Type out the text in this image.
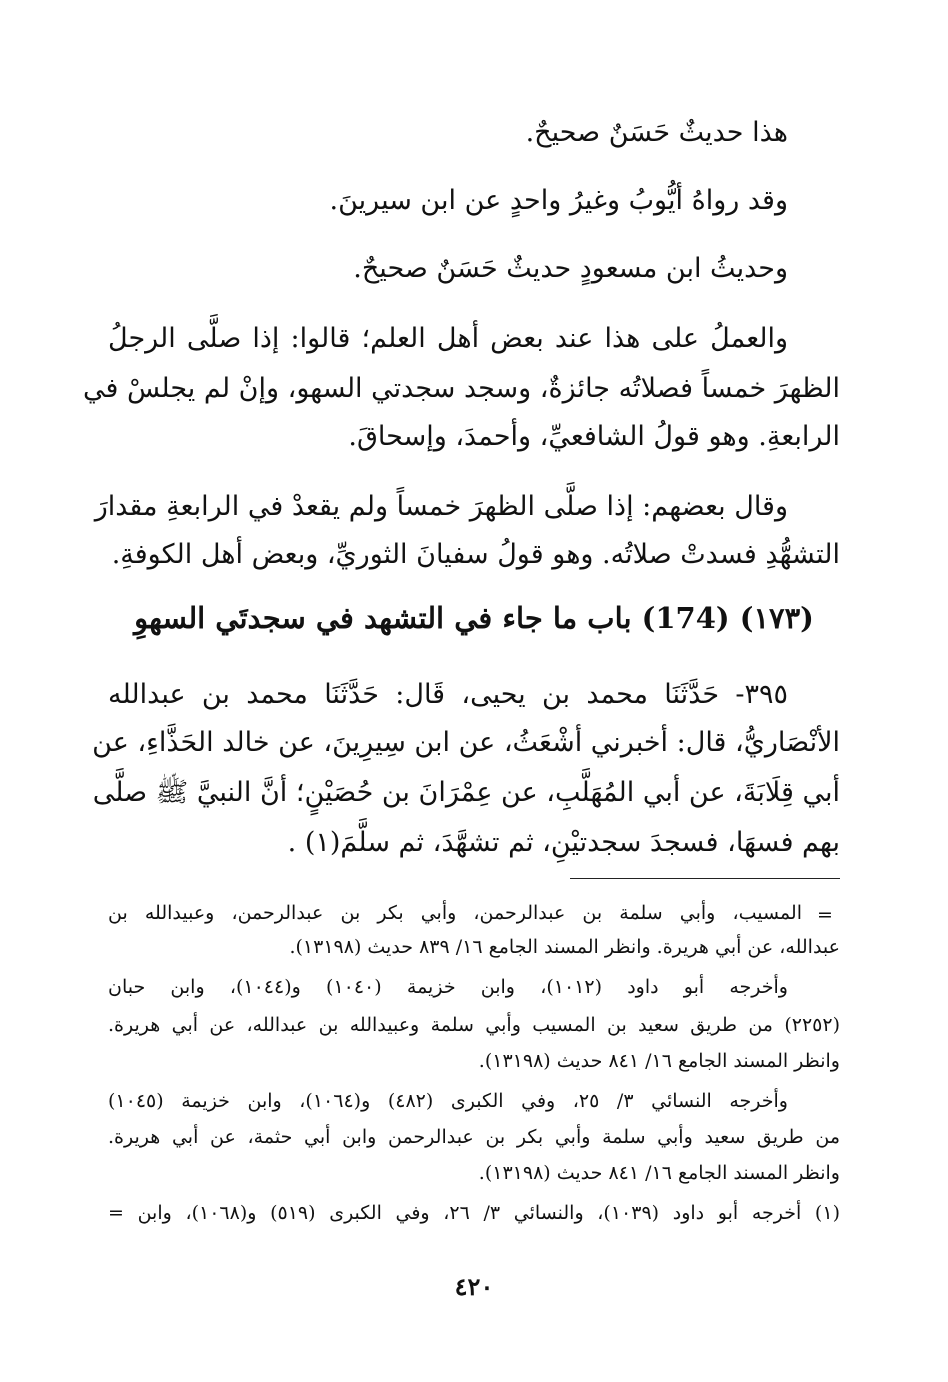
هذا حديثٌ حَسَنٌ صحيحٌ.
وقد رواهُ أيُّوبُ وغيرُ واحدٍ عن ابن سيرينَ.
وحديثُ ابن مسعودٍ حديثٌ حَسَنٌ صحيحٌ.
والعملُ على هذا عند بعض أهل العلم؛ قالوا: إذا صلَّى الرجلُ
الظهرَ خمساً فصلاتُه جائزةٌ، وسجد سجدتي السهو، وإنْ لم يجلسْ في
الرابعةِ. وهو قولُ الشافعيِّ، وأحمدَ، وإسحاقَ.
وقال بعضهم: إذا صلَّى الظهرَ خمساً ولم يقعدْ في الرابعةِ مقدارَ
التشهُّدِ فسدتْ صلاتُه. وهو قولُ سفيانَ الثوريِّ، وبعض أهل الكوفةِ.
(١٧٣) (174) باب ما جاء في التشهد في سجدتَي السهوِ
٣٩٥- حَدَّثَنَا محمد بن يحيى، قَال: حَدَّثَنَا محمد بن عبدالله
الأنْصَاريُّ، قال: أخبرني أشْعَثُ، عن ابن سِيرِينَ، عن خالد الحَذَّاءِ، عن
أبي قِلَابَةَ، عن أبي المُهَلَّبِ، عن عِمْرَانَ بن حُصَيْنٍ؛ أنَّ النبيَّ ﷺ صلَّى
بهم فسهَا، فسجدَ سجدتيْنِ، ثم تشهَّدَ، ثم سلَّمَ(١) .
=
المسيب، وأبي سلمة بن عبدالرحمن، وأبي بكر بن عبدالرحمن، وعبيدالله بن
عبدالله، عن أبي هريرة. وانظر المسند الجامع ١٦/ ٨٣٩ حديث (١٣١٩٨).
وأخرجه أبو داود (١٠١٢)، وابن خزيمة (١٠٤٠) و(١٠٤٤)، وابن حبان
(٢٢٥٢) من طريق سعيد بن المسيب وأبي سلمة وعبيدالله بن عبدالله، عن أبي هريرة.
وانظر المسند الجامع ١٦/ ٨٤١ حديث (١٣١٩٨).
وأخرجه النسائي ٣/ ٢٥، وفي الكبرى (٤٨٢) و(١٠٦٤)، وابن خزيمة (١٠٤٥)
من طريق سعيد وأبي سلمة وأبي بكر بن عبدالرحمن وابن أبي حثمة، عن أبي هريرة.
وانظر المسند الجامع ١٦/ ٨٤١ حديث (١٣١٩٨).
(١) أخرجه أبو داود (١٠٣٩)، والنسائي ٣/ ٢٦، وفي الكبرى (٥١٩) و(١٠٦٨)، وابن =
٤٢٠
